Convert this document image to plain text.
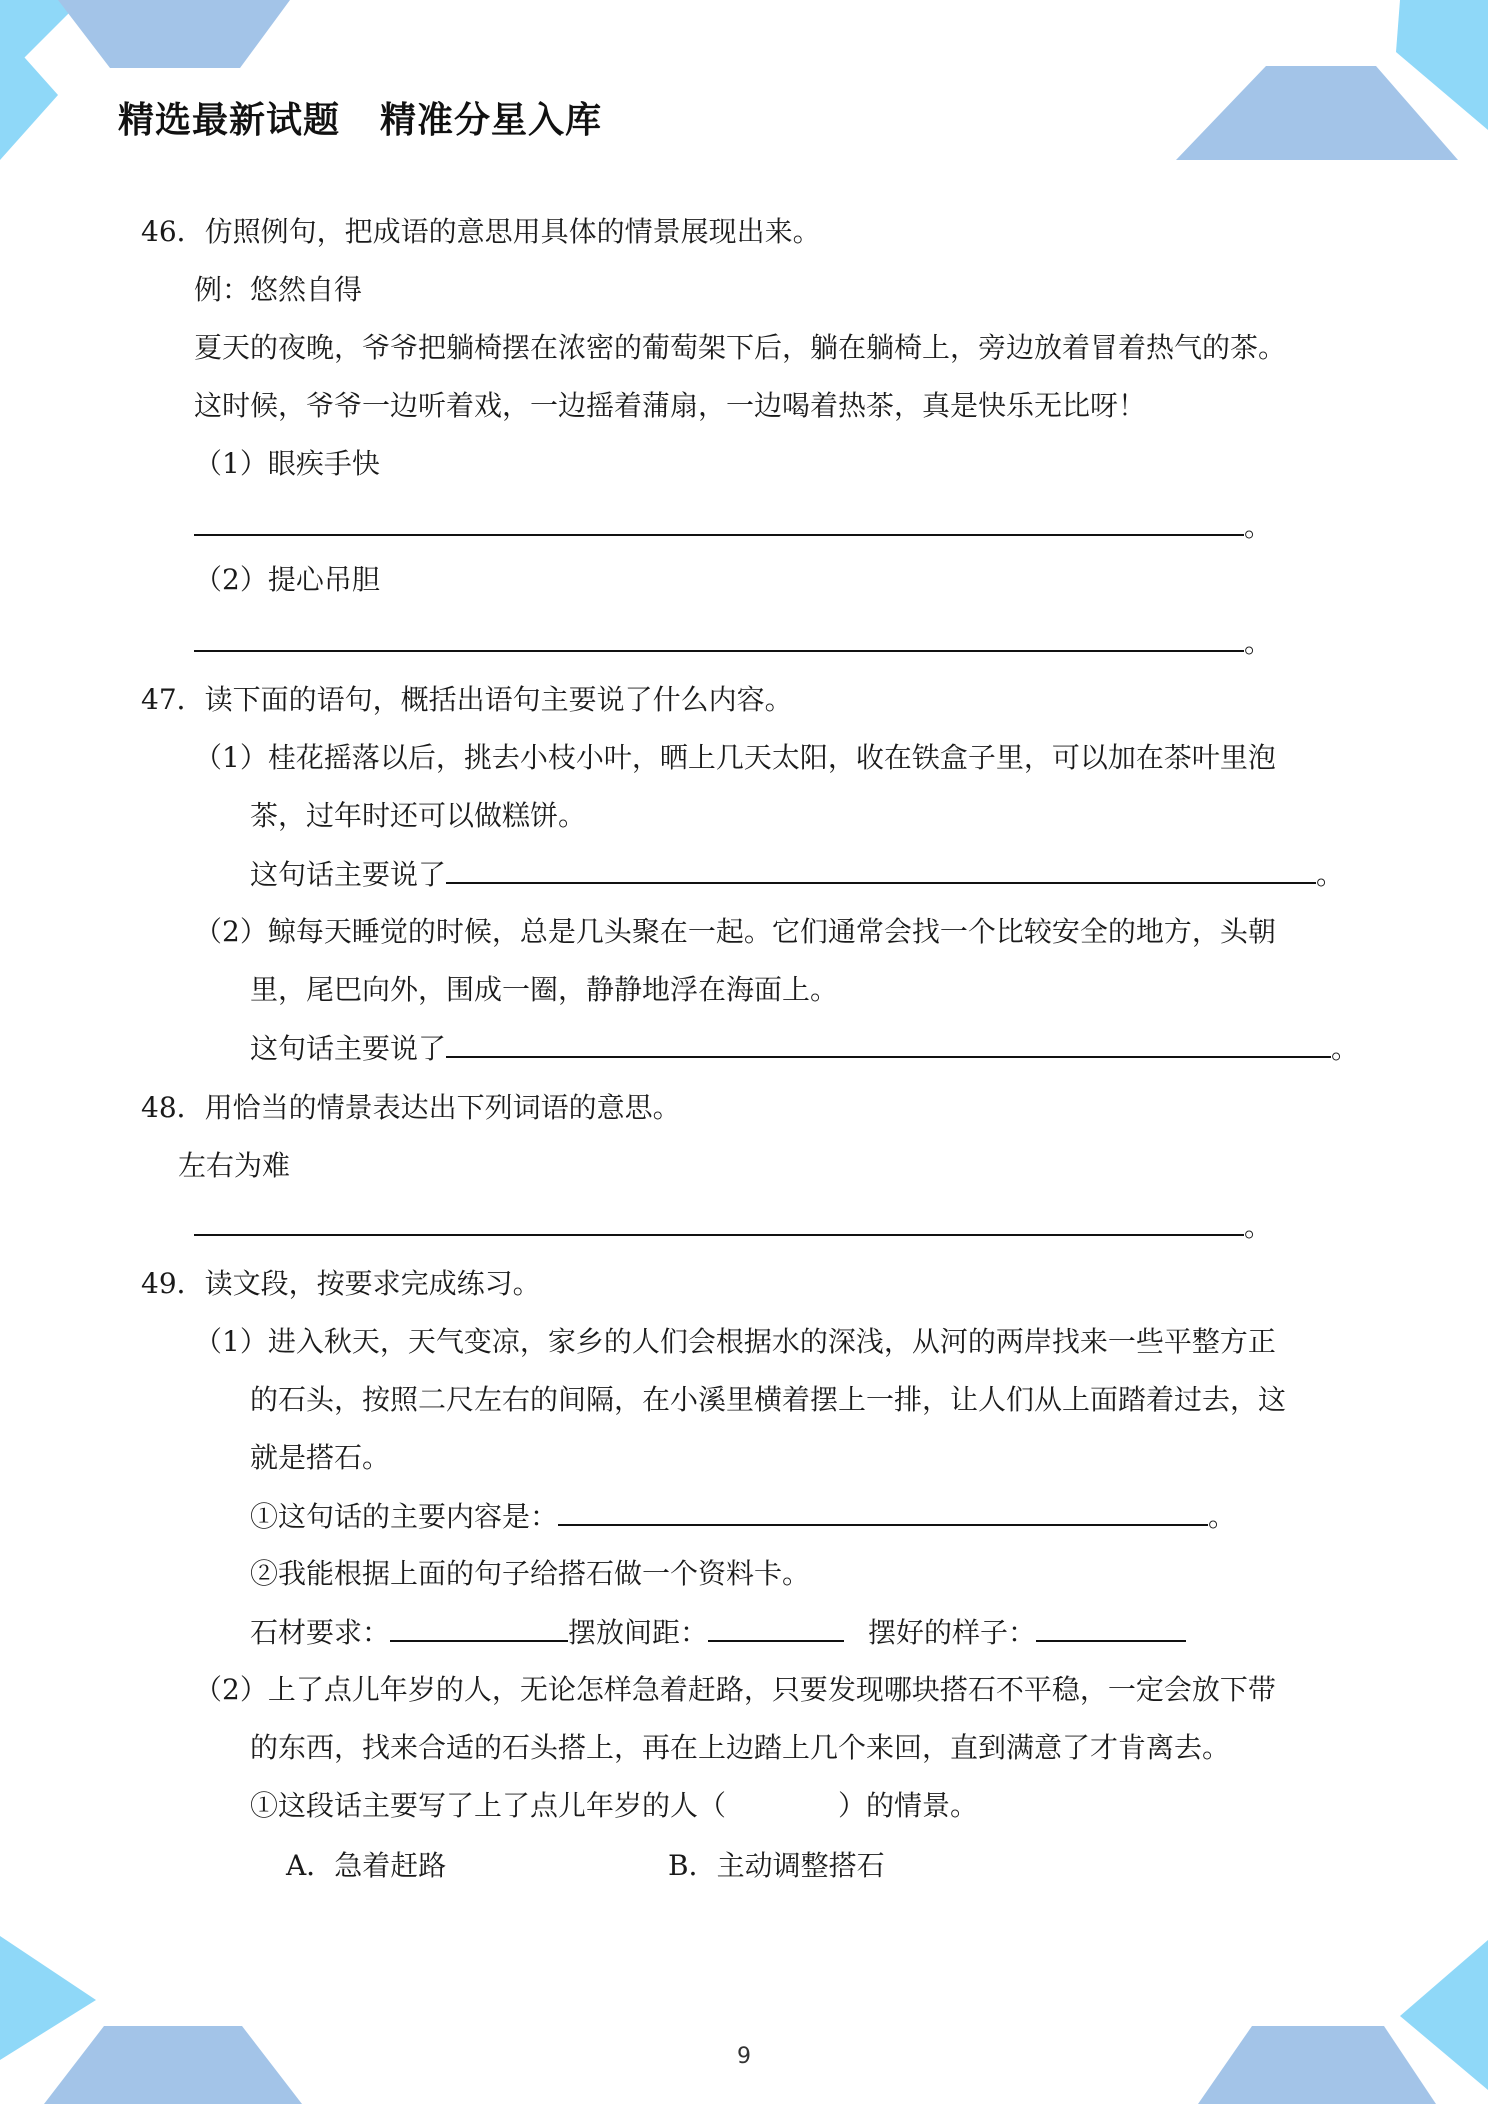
精选最新试题 精准分星入库
46．仿照例句，把成语的意思用具体的情景展现出来。
例：悠然自得
夏天的夜晚，爷爷把躺椅摆在浓密的葡萄架下后，躺在躺椅上，旁边放着冒着热气的茶。
这时候，爷爷一边听着戏，一边摇着蒲扇，一边喝着热茶，真是快乐无比呀！
（1）眼疾手快
。
（2）提心吊胆
。
47．读下面的语句，概括出语句主要说了什么内容。
（1）桂花摇落以后，挑去小枝小叶，晒上几天太阳，收在铁盒子里，可以加在茶叶里泡
茶，过年时还可以做糕饼。
这句话主要说了	。
（2）鲸每天睡觉的时候，总是几头聚在一起。它们通常会找一个比较安全的地方，头朝
里，尾巴向外，围成一圈，静静地浮在海面上。
这句话主要说了	。
48．用恰当的情景表达出下列词语的意思。
左右为难
。
49．读文段，按要求完成练习。
（1）进入秋天，天气变凉，家乡的人们会根据水的深浅，从河的两岸找来一些平整方正
的石头，按照二尺左右的间隔，在小溪里横着摆上一排，让人们从上面踏着过去，这
就是搭石。
①这句话的主要内容是：	。
②我能根据上面的句子给搭石做一个资料卡。
石材要求：	摆放间距：	摆好的样子：
（2）上了点儿年岁的人，无论怎样急着赶路，只要发现哪块搭石不平稳，一定会放下带
的东西，找来合适的石头搭上，再在上边踏上几个来回，直到满意了才肯离去。
①这段话主要写了上了点儿年岁的人（	）的情景。
A．急着赶路	B．主动调整搭石
9
